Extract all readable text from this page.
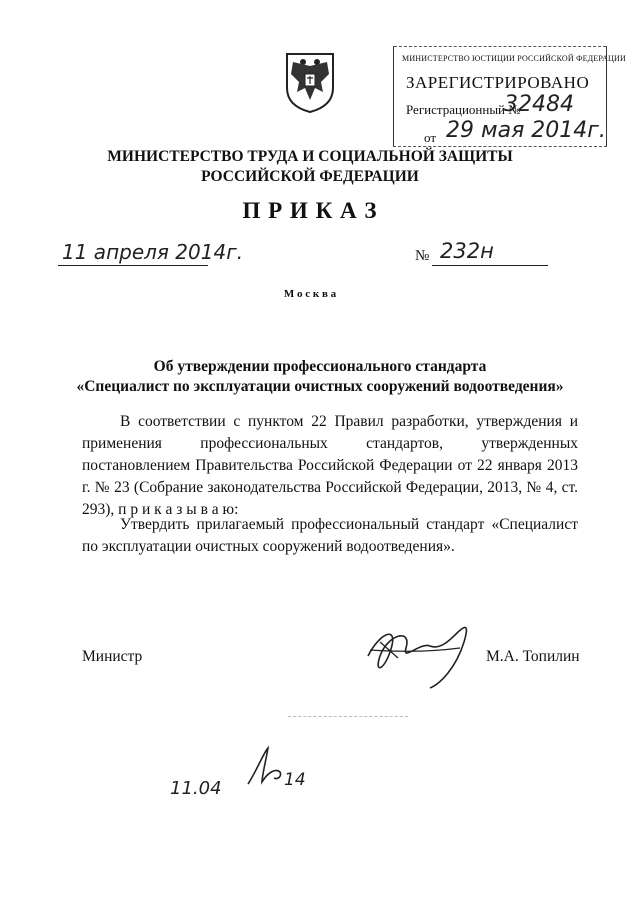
МИНИСТЕРСТВО ЮСТИЦИИ РОССИЙСКОЙ ФЕДЕРАЦИИ
ЗАРЕГИСТРИРОВАНО
Регистрационный №
32484
от 29 мая 2014г.
МИНИСТЕРСТВО ТРУДА И СОЦИАЛЬНОЙ ЗАЩИТЫ
РОССИЙСКОЙ ФЕДЕРАЦИИ
П Р И К А З
11 апреля 2014г.	№ 232н
М о с к в а
Об утверждении профессионального стандарта
«Специалист по эксплуатации очистных сооружений водоотведения»
В соответствии с пунктом 22 Правил разработки, утверждения и применения профессиональных стандартов, утвержденных постановлением Правительства Российской Федерации от 22 января 2013 г. № 23 (Собрание законодательства Российской Федерации, 2013, № 4, ст. 293), п р и к а з ы в а ю:
Утвердить прилагаемый профессиональный стандарт «Специалист по эксплуатации очистных сооружений водоотведения».
Министр	М.А. Топилин
11.04	14
